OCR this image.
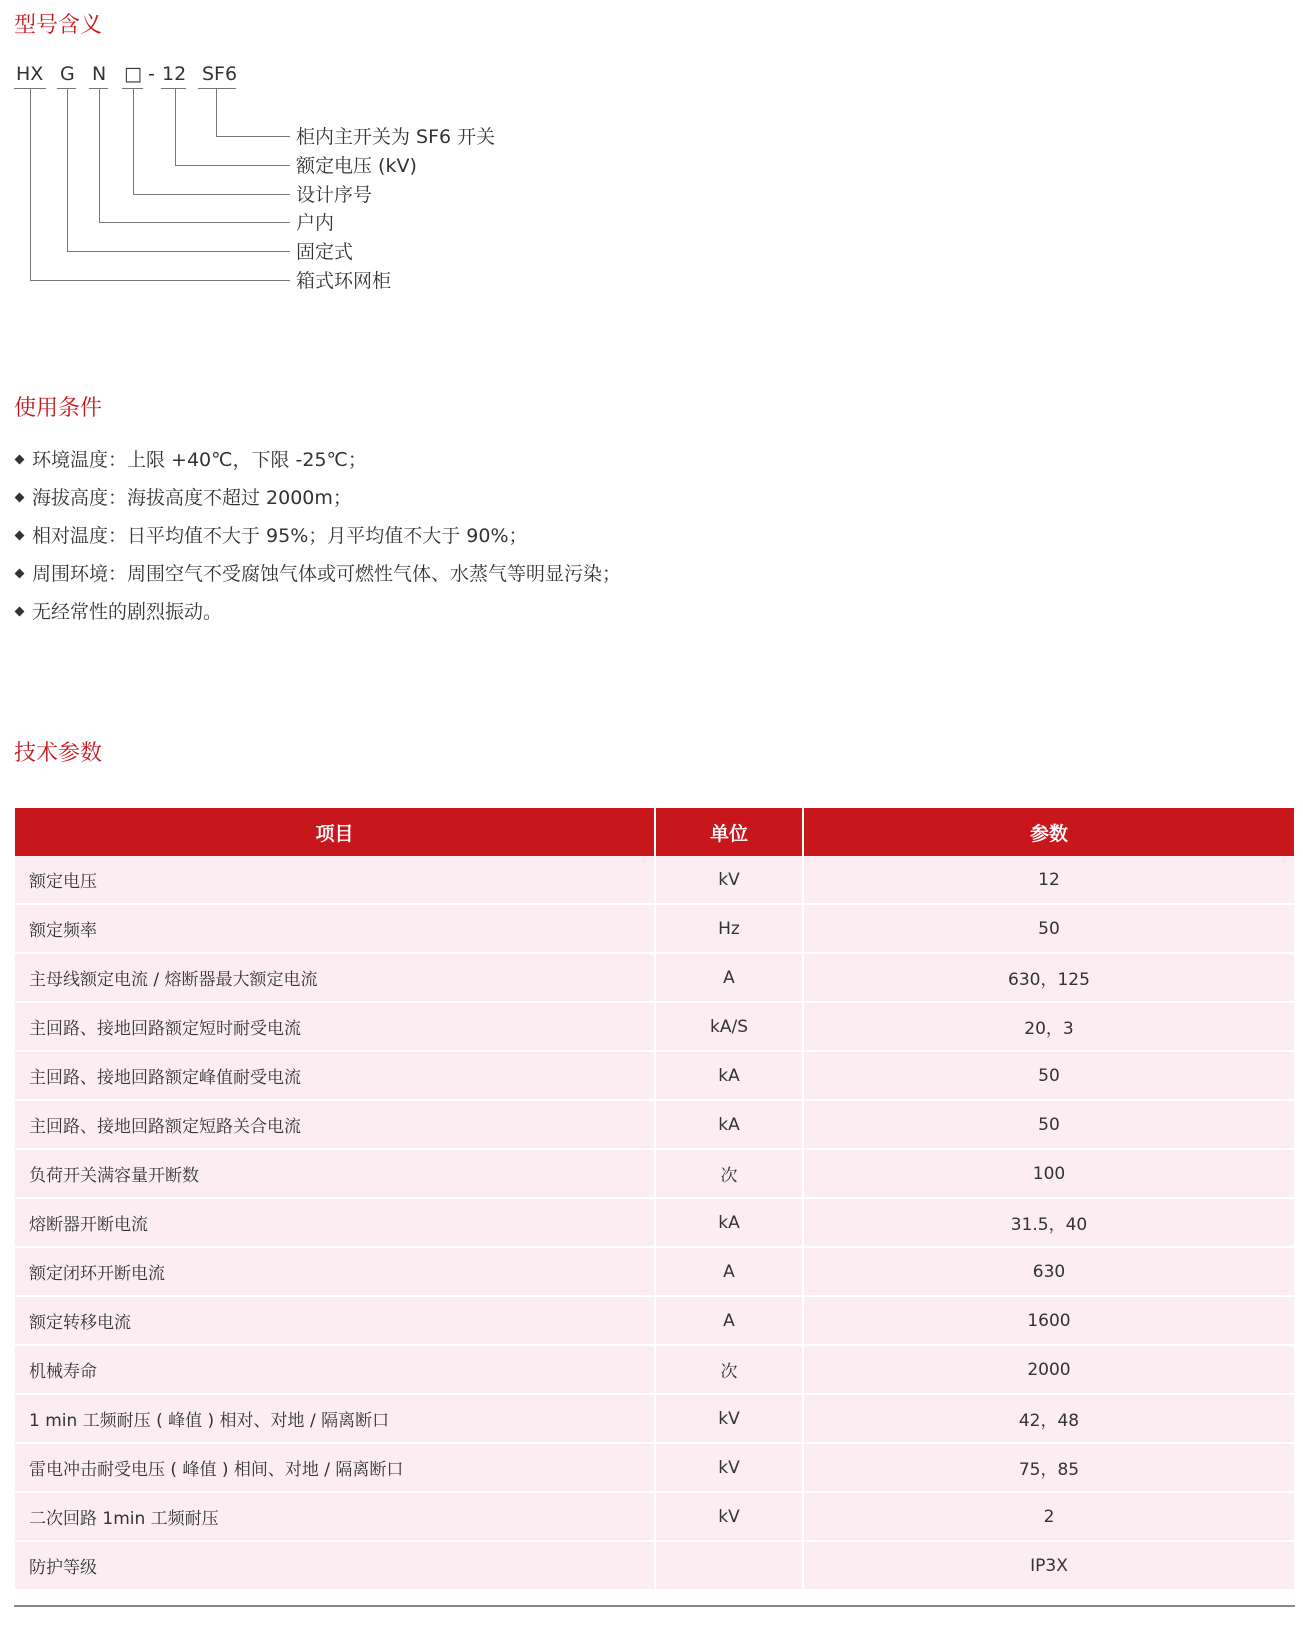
型号含义
HX G N □ - 12 SF6
柜内主开关为 SF6 开关
额定电压 (kV)
设计序号
户内
固定式
箱式环网柜
使用条件
环境温度：上限 +40℃，下限 -25℃；
海拔高度：海拔高度不超过 2000m；
相对温度：日平均值不大于 95%；月平均值不大于 90%；
周围环境：周围空气不受腐蚀气体或可燃性气体、水蒸气等明显污染；
无经常性的剧烈振动。
技术参数
项目	单位	参数
额定电压	kV	12
额定频率	Hz	50
主母线额定电流 / 熔断器最大额定电流	A	630，125
主回路、接地回路额定短时耐受电流	kA/S	20，3
主回路、接地回路额定峰值耐受电流	kA	50
主回路、接地回路额定短路关合电流	kA	50
负荷开关满容量开断数	次	100
熔断器开断电流	kA	31.5，40
额定闭环开断电流	A	630
额定转移电流	A	1600
机械寿命	次	2000
1 min 工频耐压 ( 峰值 ) 相对、对地 / 隔离断口	kV	42，48
雷电冲击耐受电压 ( 峰值 ) 相间、对地 / 隔离断口	kV	75，85
二次回路 1min 工频耐压	kV	2
防护等级		IP3X
